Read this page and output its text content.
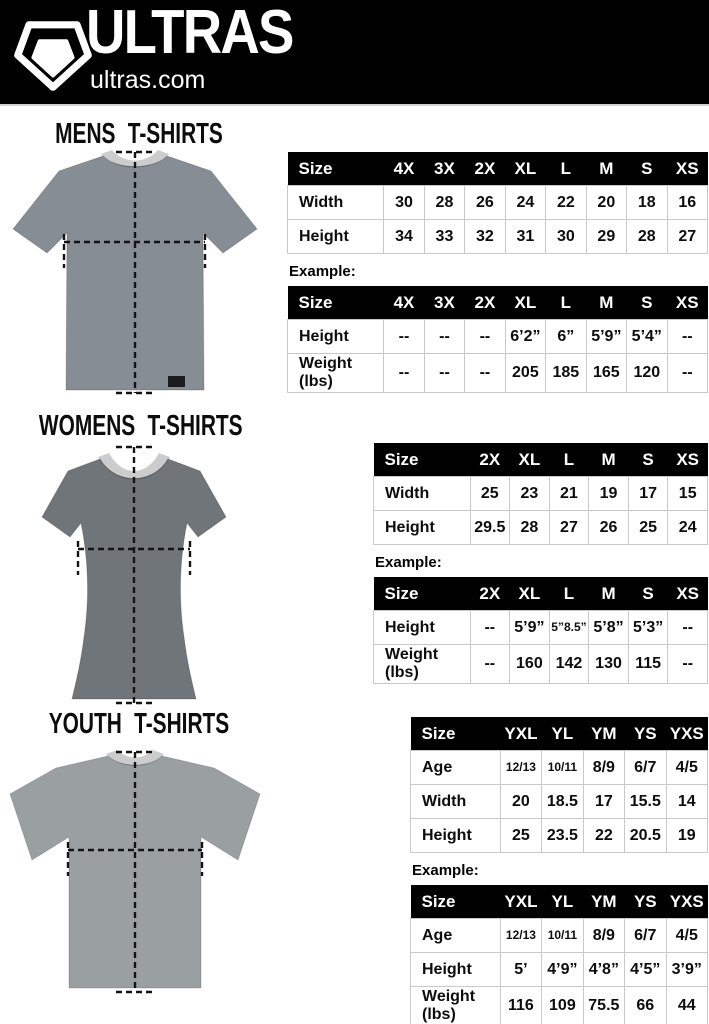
ULTRAS
ultras.com
MENS T-SHIRTS
Size	4X	3X	2X	XL	L	M	S	XS
Width	30	28	26	24	22	20	18	16
Height	34	33	32	31	30	29	28	27
Example:
Size	4X	3X	2X	XL	L	M	S	XS
Height	--	--	--	6’2”	6”	5’9”	5’4”	--
Weight (lbs)	--	--	--	205	185	165	120	--
WOMENS T-SHIRTS
Size	2X	XL	L	M	S	XS
Width	25	23	21	19	17	15
Height	29.5	28	27	26	25	24
Example:
Size	2X	XL	L	M	S	XS
Height	--	5’9”	5”8.5”	5’8”	5’3”	--
Weight (lbs)	--	160	142	130	115	--
YOUTH T-SHIRTS	Size	YXL	YL	YM	YS	YXS
Age	12/13	10/11	8/9	6/7	4/5
Width	20	18.5	17	15.5	14
Height	25	23.5	22	20.5	19
Example:
Size	YXL	YL	YM	YS	YXS
Age	12/13	10/11	8/9	6/7	4/5
Height	5’	4’9”	4’8”	4’5”	3’9”
Weight (lbs)	116	109	75.5	66	44
